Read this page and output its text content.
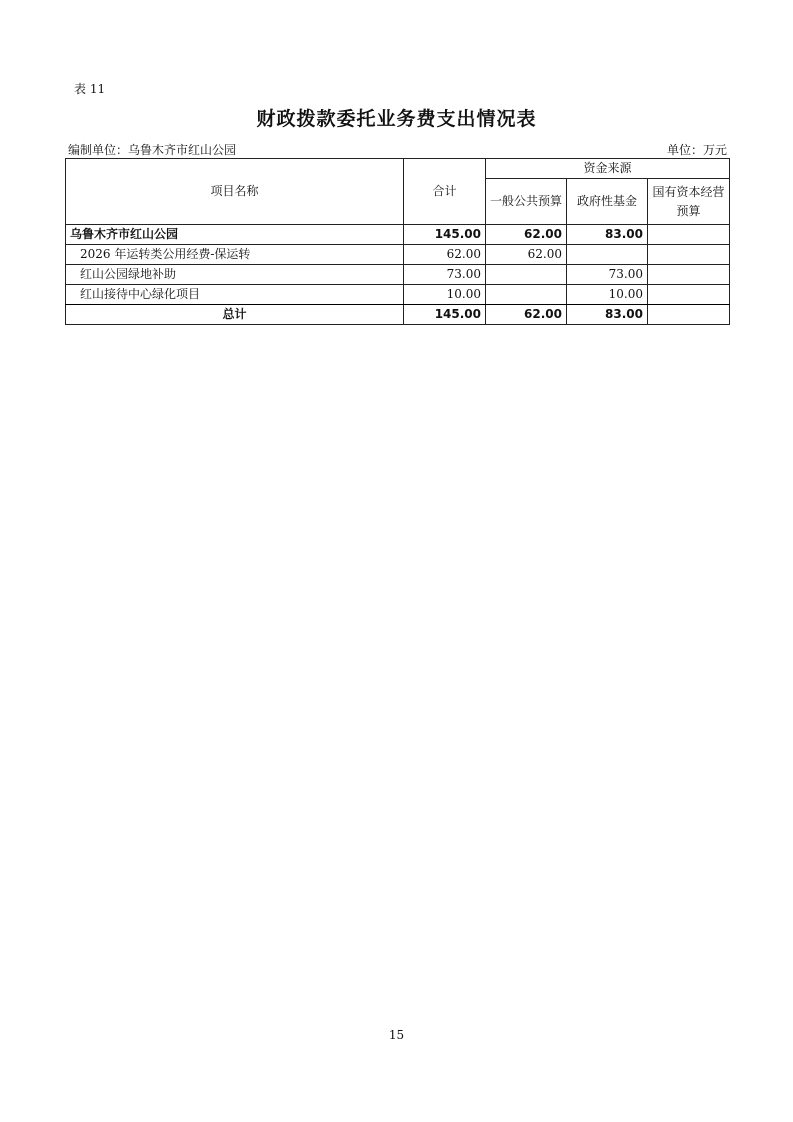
表 11
财政拨款委托业务费支出情况表
编制单位：乌鲁木齐市红山公园	单位：万元
项目名称	合计	资金来源		
		一般公共预算	政府性基金	国有资本经营
预算

乌鲁木齐市红山公园	145.00	62.00	83.00	
2026 年运转类公用经费-保运转	62.00	62.00		
红山公园绿地补助	73.00		73.00	
红山接待中心绿化项目	10.00		10.00	
总计	145.00	62.00	83.00	
15
